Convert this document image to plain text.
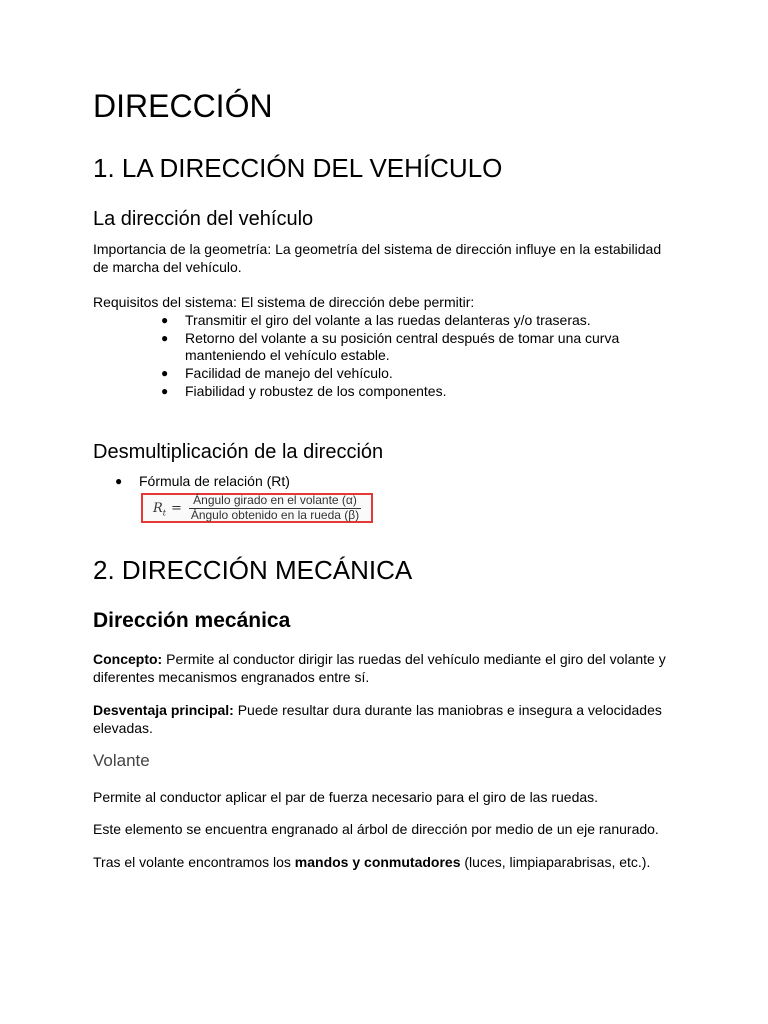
DIRECCIÓN
1. LA DIRECCIÓN DEL VEHÍCULO
La dirección del vehículo

Importancia de la geometría: La geometría del sistema de dirección influye en la estabilidad

de marcha del vehículo.

Requisitos del sistema: El sistema de dirección debe permitir:

● Transmitir el giro del volante a las ruedas delanteras y/o traseras.

● Retorno del volante a su posición central después de tomar una curva

manteniendo el vehículo estable.

● Facilidad de manejo del vehículo.

● Fiabilidad y robustez de los componentes.

Desmultiplicación de la dirección
● Fórmula de relación (Rt)

$R_t$ =
Ángulo girado en el volante (α)
Ángulo obtenido en la rueda (β)
2. DIRECCIÓN MECÁNICA
Dirección mecánica

Concepto: Permite al conductor dirigir las ruedas del vehículo mediante el giro del volante y

diferentes mecanismos engranados entre sí.

Desventaja principal: Puede resultar dura durante las maniobras e insegura a velocidades

elevadas.

Volante

Permite al conductor aplicar el par de fuerza necesario para el giro de las ruedas.

Este elemento se encuentra engranado al árbol de dirección por medio de un eje ranurado.

Tras el volante encontramos los mandos y conmutadores (luces, limpiaparabrisas, etc.).
